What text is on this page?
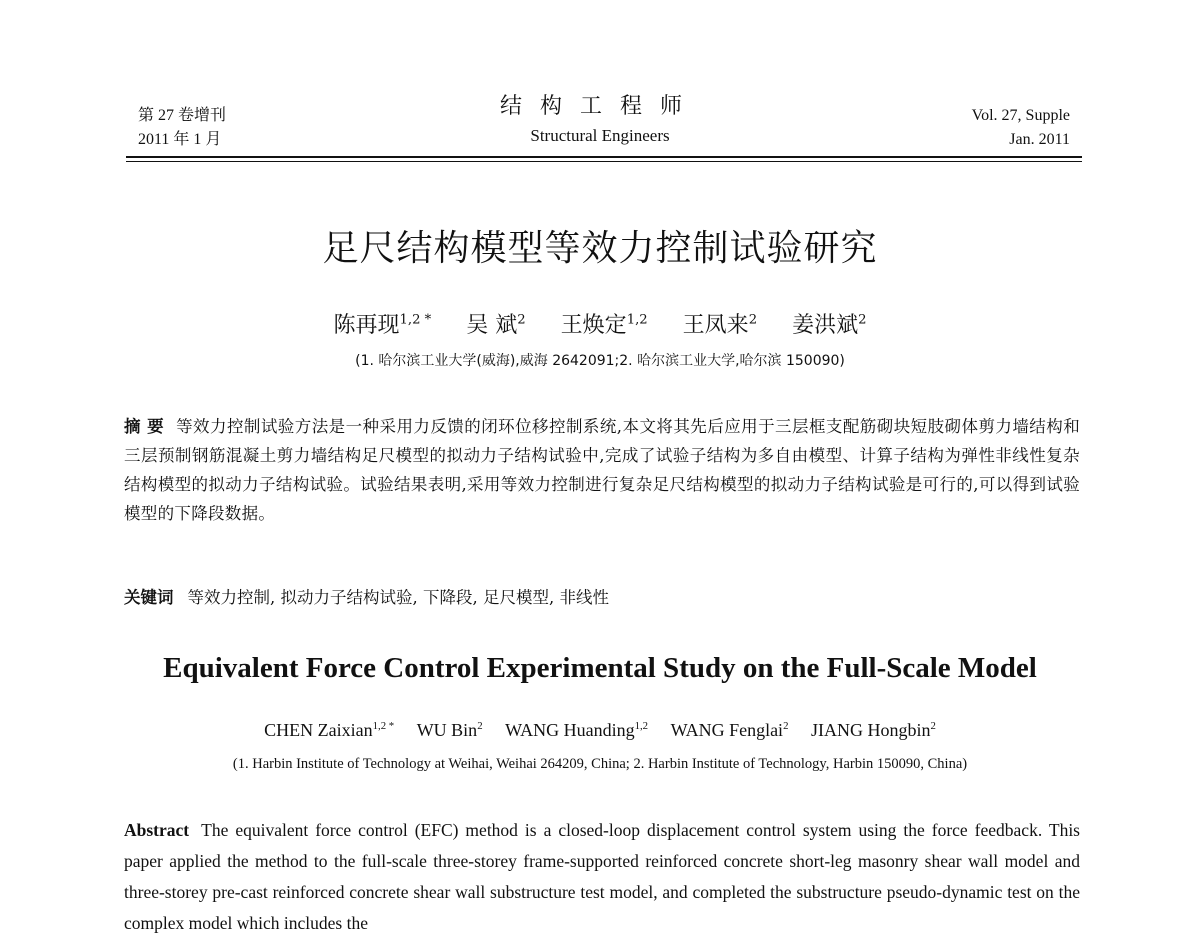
第 27 卷增刊
2011 年 1 月
结构工程师
Structural Engineers
Vol. 27, Supple
Jan. 2011
足尺结构模型等效力控制试验研究
陈再现$^{1,2 *}$ 吴 斌$^2$ 王焕定$^{1,2}$ 王凤来$^2$ 姜洪斌$^2$
(1. 哈尔滨工业大学(威海),威海 2642091;2. 哈尔滨工业大学,哈尔滨 150090)
摘 要 等效力控制试验方法是一种采用力反馈的闭环位移控制系统,本文将其先后应用于三层框支配筋砌块短肢砌体剪力墙结构和三层预制钢筋混凝土剪力墙结构足尺模型的拟动力子结构试验中,完成了试验子结构为多自由模型、计算子结构为弹性非线性复杂结构模型的拟动力子结构试验。试验结果表明,采用等效力控制进行复杂足尺结构模型的拟动力子结构试验是可行的,可以得到试验模型的下降段数据。
关键词 等效力控制, 拟动力子结构试验, 下降段, 足尺模型, 非线性
Equivalent Force Control Experimental Study on the Full-Scale Model
CHEN Zaixian$^{1,2 *}$ WU Bin$^2$ WANG Huanding$^{1,2}$ WANG Fenglai$^2$ JIANG Hongbin$^2$
(1. Harbin Institute of Technology at Weihai, Weihai 264209, China; 2. Harbin Institute of Technology, Harbin 150090, China)
Abstract The equivalent force control (EFC) method is a closed-loop displacement control system using the force feedback. This paper applied the method to the full-scale three-storey frame-supported reinforced concrete short-leg masonry shear wall model and three-storey pre-cast reinforced concrete shear wall substructure test model, and completed the substructure pseudo-dynamic test on the complex model which includes the
